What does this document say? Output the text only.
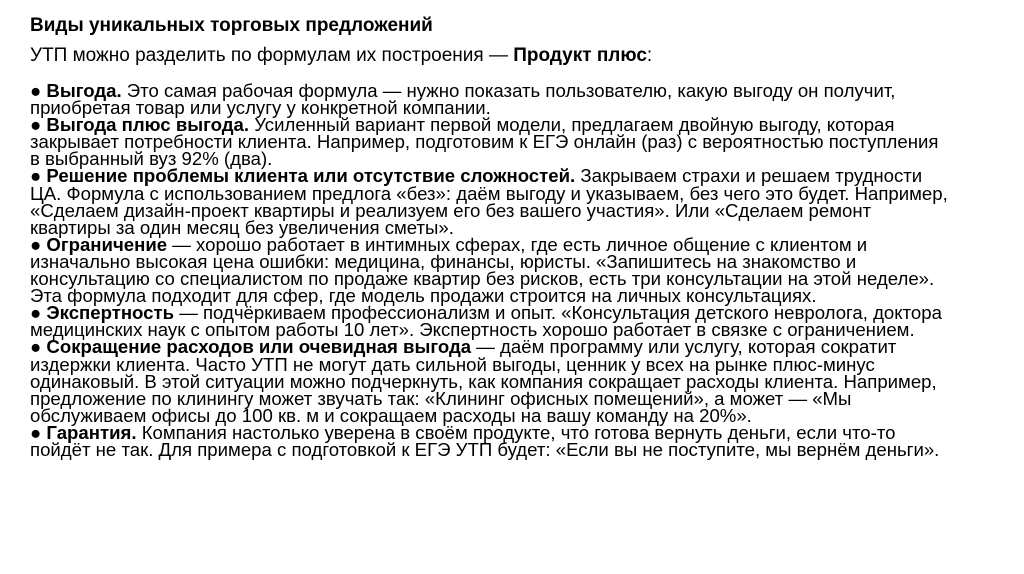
Виды уникальных торговых предложений
УТП можно разделить по формулам их построения — Продукт плюс:

● Выгода. Это самая рабочая формула — нужно показать пользователю, какую выгоду он получит, приобретая товар или услугу у конкретной компании.

● Выгода плюс выгода. Усиленный вариант первой модели, предлагаем двойную выгоду, которая закрывает потребности клиента. Например, подготовим к ЕГЭ онлайн (раз) с вероятностью поступления в выбранный вуз 92% (два).

● Решение проблемы клиента или отсутствие сложностей. Закрываем страхи и решаем трудности ЦА. Формула с использованием предлога «без»: даём выгоду и указываем, без чего это будет. Например, «Сделаем дизайн-проект квартиры и реализуем его без вашего участия». Или «Сделаем ремонт квартиры за один месяц без увеличения сметы».

● Ограничение — хорошо работает в интимных сферах, где есть личное общение с клиентом и изначально высокая цена ошибки: медицина, финансы, юристы. «Запишитесь на знакомство и консультацию со специалистом по продаже квартир без рисков, есть три консультации на этой неделе». Эта формула подходит для сфер, где модель продажи строится на личных консультациях.

● Экспертность — подчёркиваем профессионализм и опыт. «Консультация детского невролога, доктора медицинских наук с опытом работы 10 лет». Экспертность хорошо работает в связке с ограничением.

● Сокращение расходов или очевидная выгода — даём программу или услугу, которая сократит издержки клиента. Часто УТП не могут дать сильной выгоды, ценник у всех на рынке плюс-минус одинаковый. В этой ситуации можно подчеркнуть, как компания сокращает расходы клиента. Например, предложение по клинингу может звучать так: «Клининг офисных помещений», а может — «Мы обслуживаем офисы до 100 кв. м и сокращаем расходы на вашу команду на 20%».

● Гарантия. Компания настолько уверена в своём продукте, что готова вернуть деньги, если что-то пойдёт не так. Для примера с подготовкой к ЕГЭ УТП будет: «Если вы не поступите, мы вернём деньги».
